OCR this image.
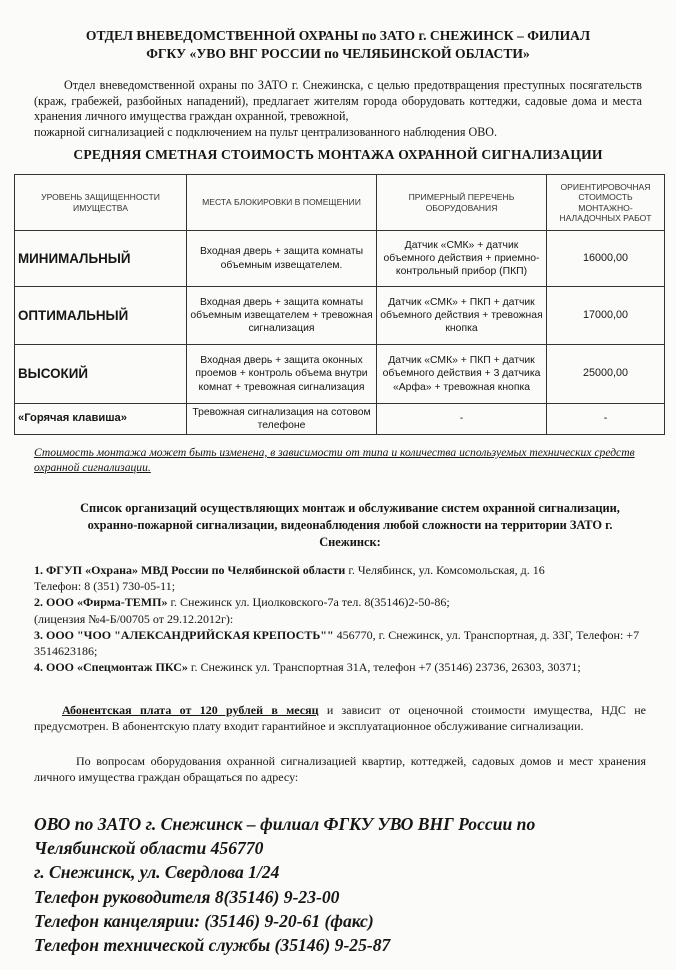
ОТДЕЛ ВНЕВЕДОМСТВЕННОЙ ОХРАНЫ по ЗАТО г. СНЕЖИНСК – ФИЛИАЛ

ФГКУ «УВО ВНГ РОССИИ по ЧЕЛЯБИНСКОЙ ОБЛАСТИ»

Отдел вневедомственной охраны по ЗАТО г. Снежинска, с целью предотвращения преступных посягательств (краж, грабежей, разбойных нападений), предлагает жителям города оборудовать коттеджи, садовые дома и места хранения личного имущества граждан охранной, тревожной,

пожарной сигнализацией с подключением на пульт централизованного наблюдения ОВО.

СРЕДНЯЯ СМЕТНАЯ СТОИМОСТЬ МОНТАЖА ОХРАННОЙ СИГНАЛИЗАЦИИ
УРОВЕНЬ ЗАЩИЩЕННОСТИ ИМУЩЕСТВА	МЕСТА БЛОКИРОВКИ В ПОМЕЩЕНИИ	ПРИМЕРНЫЙ ПЕРЕЧЕНЬ ОБОРУДОВАНИЯ	ОРИЕНТИРОВОЧНАЯ СТОИМОСТЬ МОНТАЖНО-НАЛАДОЧНЫХ РАБОТ
МИНИМАЛЬНЫЙ	Входная дверь + защита комнаты объемным извещателем.	Датчик «СМК» + датчик объемного действия + приемно-контрольный прибор (ПКП)	16000,00
ОПТИМАЛЬНЫЙ	Входная дверь + защита комнаты объемным извещателем + тревожная сигнализация	Датчик «СМК» + ПКП + датчик объемного действия + тревожная кнопка	17000,00
ВЫСОКИЙ	Входная дверь + защита оконных проемов + контроль объема внутри комнат + тревожная сигнализация	Датчик «СМК» + ПКП + датчик объемного действия + 3 датчика «Арфа» + тревожная кнопка	25000,00
«Горячая клавиша»	Тревожная сигнализация на сотовом телефоне	-	-

Стоимость монтажа может быть изменена, в зависимости от типа и количества используемых технических средств охранной сигнализации.

Список организаций осуществляющих монтаж и обслуживание систем охранной сигнализации, охранно-пожарной сигнализации, видеонаблюдения любой сложности на территории ЗАТО г. Снежинск:

1. ФГУП «Охрана» МВД России по Челябинской области г. Челябинск, ул. Комсомольская, д. 16
Телефон: 8 (351) 730-05-11;

2. ООО «Фирма-ТЕМП» г. Снежинск ул. Циолковского-7а тел. 8(35146)2-50-86;
(лицензия №4-Б/00705 от 29.12.2012г):

3. ООО "ЧОО "АЛЕКСАНДРИЙСКАЯ КРЕПОСТЬ"" 456770, г. Снежинск, ул. Транспортная, д. 33Г, Телефон: +7 3514623186;

4. ООО «Спецмонтаж ПКС» г. Снежинск ул. Транспортная 31А, телефон +7 (35146) 23736, 26303, 30371;

Абонентская плата от 120 рублей в месяц и зависит от оценочной стоимости имущества, НДС не предусмотрен. В абонентскую плату входит гарантийное и эксплуатационное обслуживание сигнализации.

По вопросам оборудования охранной сигнализацией квартир, коттеджей, садовых домов и мест хранения личного имущества граждан обращаться по адресу:

ОВО по ЗАТО г. Снежинск – филиал ФГКУ УВО ВНГ России по

Челябинской области 456770

г. Снежинск, ул. Свердлова 1/24

Телефон руководителя 8(35146) 9-23-00

Телефон канцелярии: (35146) 9-20-61 (факс)

Телефон технической службы (35146) 9-25-87
